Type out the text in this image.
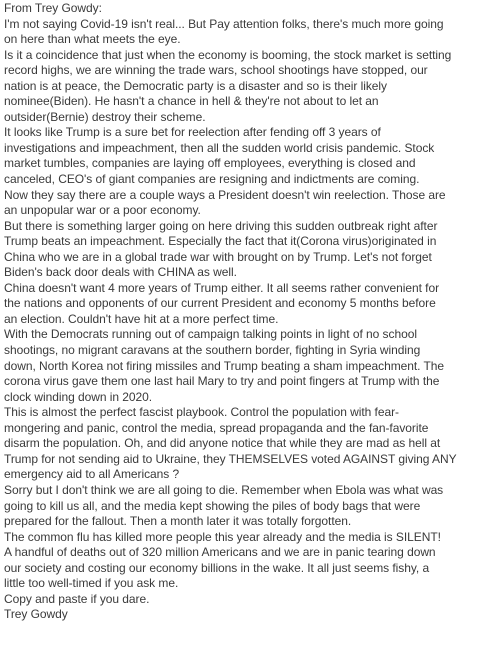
From Trey Gowdy:
I'm not saying Covid-19 isn't real... But Pay attention folks, there's much more going
on here than what meets the eye.
Is it a coincidence that just when the economy is booming, the stock market is setting
record highs, we are winning the trade wars, school shootings have stopped, our
nation is at peace, the Democratic party is a disaster and so is their likely
nominee(Biden). He hasn't a chance in hell & they're not about to let an
outsider(Bernie) destroy their scheme.
It looks like Trump is a sure bet for reelection after fending off 3 years of
investigations and impeachment, then all the sudden world crisis pandemic. Stock
market tumbles, companies are laying off employees, everything is closed and
canceled, CEO's of giant companies are resigning and indictments are coming.
Now they say there are a couple ways a President doesn't win reelection. Those are
an unpopular war or a poor economy.
But there is something larger going on here driving this sudden outbreak right after
Trump beats an impeachment. Especially the fact that it(Corona virus)originated in
China who we are in a global trade war with brought on by Trump. Let's not forget
Biden's back door deals with CHINA as well.
China doesn't want 4 more years of Trump either. It all seems rather convenient for
the nations and opponents of our current President and economy 5 months before
an election. Couldn't have hit at a more perfect time.
With the Democrats running out of campaign talking points in light of no school
shootings, no migrant caravans at the southern border, fighting in Syria winding
down, North Korea not firing missiles and Trump beating a sham impeachment. The
corona virus gave them one last hail Mary to try and point fingers at Trump with the
clock winding down in 2020.
This is almost the perfect fascist playbook. Control the population with fear-
mongering and panic, control the media, spread propaganda and the fan-favorite
disarm the population. Oh, and did anyone notice that while they are mad as hell at
Trump for not sending aid to Ukraine, they THEMSELVES voted AGAINST giving ANY
emergency aid to all Americans ?
Sorry but I don't think we are all going to die. Remember when Ebola was what was
going to kill us all, and the media kept showing the piles of body bags that were
prepared for the fallout. Then a month later it was totally forgotten.
The common flu has killed more people this year already and the media is SILENT!
A handful of deaths out of 320 million Americans and we are in panic tearing down
our society and costing our economy billions in the wake. It all just seems fishy, a
little too well-timed if you ask me.
Copy and paste if you dare.
Trey Gowdy
